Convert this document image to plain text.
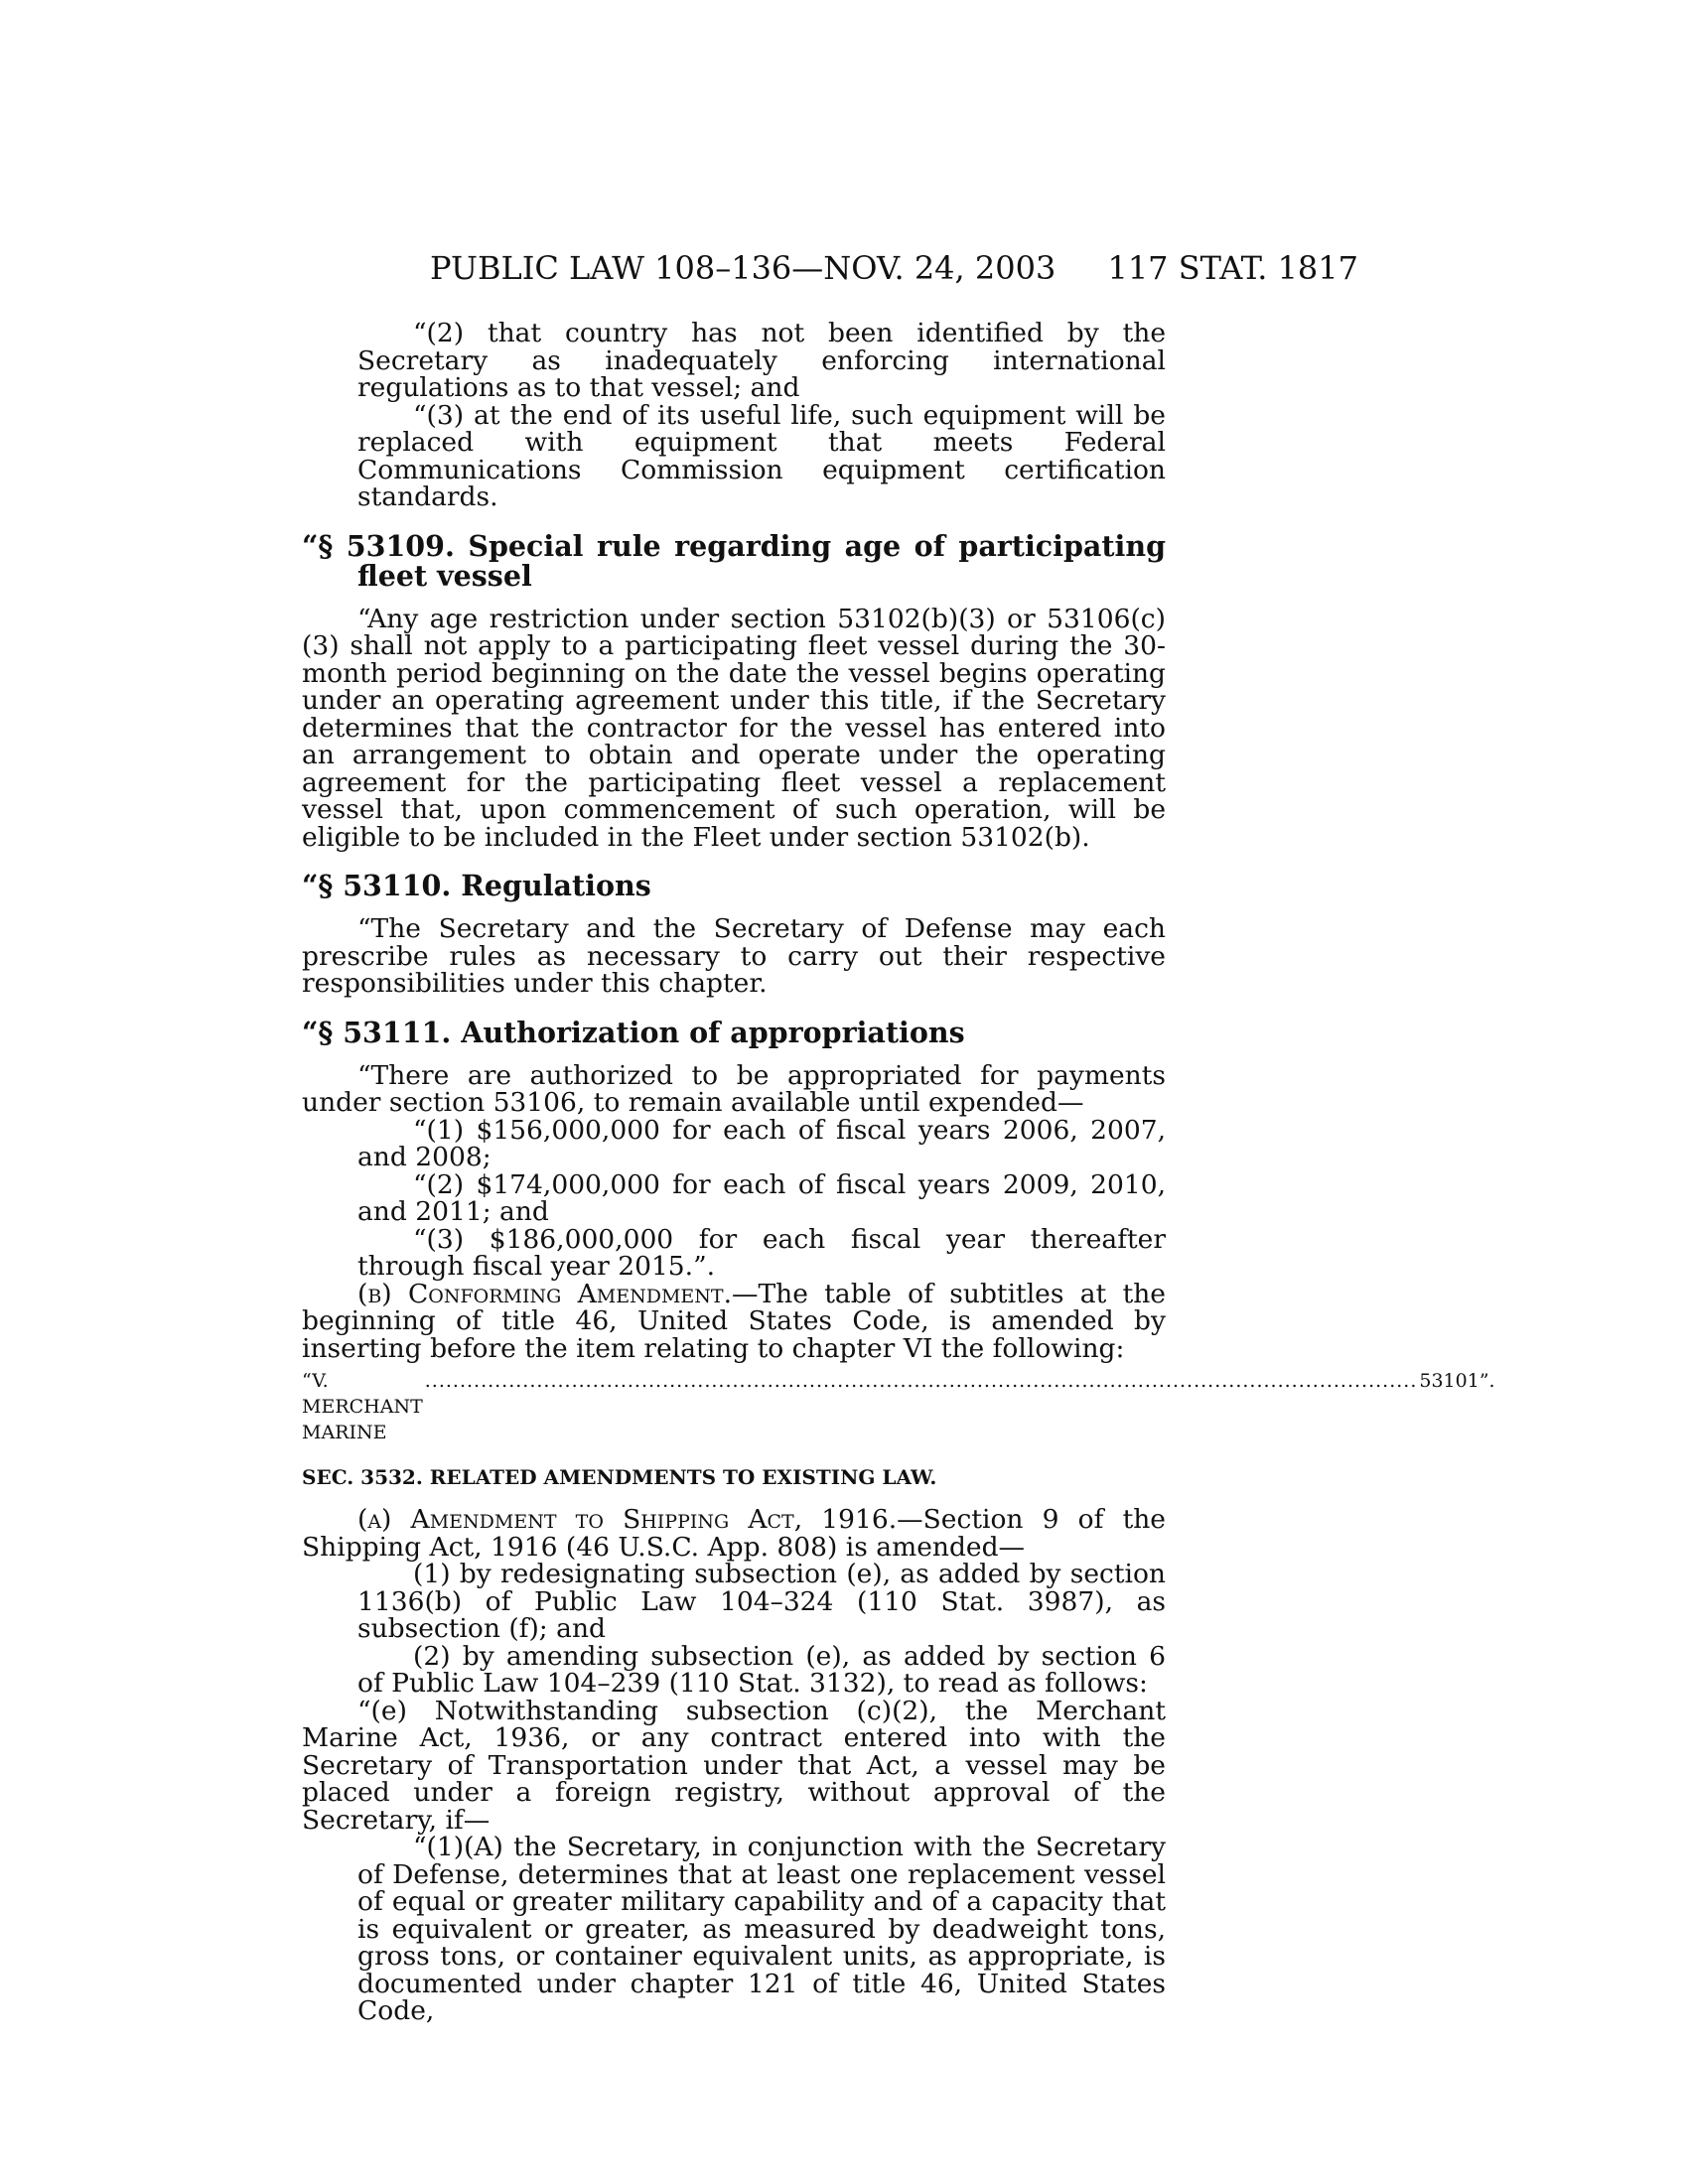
PUBLIC LAW 108–136—NOV. 24, 2003 117 STAT. 1817

“(2) that country has not been identified by the Secretary as inadequately enforcing international regulations as to that vessel; and

“(3) at the end of its useful life, such equipment will be replaced with equipment that meets Federal Communications Commission equipment certification standards.

“§ 53109. Special rule regarding age of participating fleet vessel

“Any age restriction under section 53102(b)(3) or 53106(c)(3) shall not apply to a participating fleet vessel during the 30-month period beginning on the date the vessel begins operating under an operating agreement under this title, if the Secretary determines that the contractor for the vessel has entered into an arrangement to obtain and operate under the operating agreement for the participating fleet vessel a replacement vessel that, upon commencement of such operation, will be eligible to be included in the Fleet under section 53102(b).

“§ 53110. Regulations

“The Secretary and the Secretary of Defense may each prescribe rules as necessary to carry out their respective responsibilities under this chapter.

“§ 53111. Authorization of appropriations

“There are authorized to be appropriated for payments under section 53106, to remain available until expended—

“(1) $156,000,000 for each of fiscal years 2006, 2007, and 2008;

“(2) $174,000,000 for each of fiscal years 2009, 2010, and 2011; and

“(3) $186,000,000 for each fiscal year thereafter through fiscal year 2015.”.

(b) Conforming Amendment.—The table of subtitles at the beginning of title 46, United States Code, is amended by inserting before the item relating to chapter VI the following:

“V. MERCHANT MARINE
.............................................................................................................................................. 53101”.
SEC. 3532. RELATED AMENDMENTS TO EXISTING LAW.

(a) Amendment to Shipping Act, 1916.—Section 9 of the Shipping Act, 1916 (46 U.S.C. App. 808) is amended—

(1) by redesignating subsection (e), as added by section 1136(b) of Public Law 104–324 (110 Stat. 3987), as subsection (f); and

(2) by amending subsection (e), as added by section 6 of Public Law 104–239 (110 Stat. 3132), to read as follows:

“(e) Notwithstanding subsection (c)(2), the Merchant Marine Act, 1936, or any contract entered into with the Secretary of Transportation under that Act, a vessel may be placed under a foreign registry, without approval of the Secretary, if—

“(1)(A) the Secretary, in conjunction with the Secretary of Defense, determines that at least one replacement vessel of equal or greater military capability and of a capacity that is equivalent or greater, as measured by deadweight tons, gross tons, or container equivalent units, as appropriate, is documented under chapter 121 of title 46, United States Code,
